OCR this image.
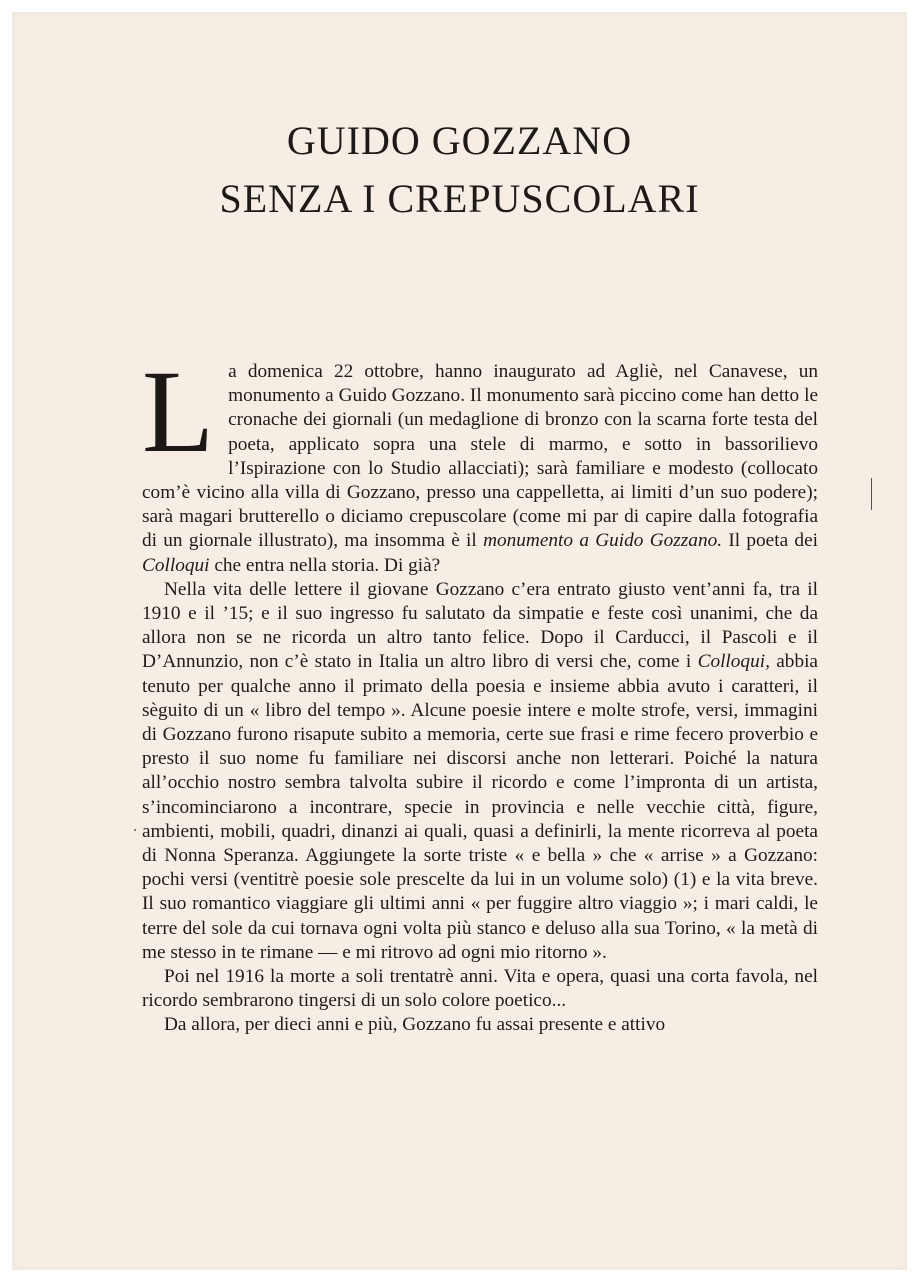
GUIDO GOZZANO
SENZA I CREPUSCOLARI

La domenica 22 ottobre, hanno inaugurato ad Agliè, nel Canavese, un monumento a Guido Gozzano. Il monumento sarà piccino come han detto le cronache dei giornali (un medaglione di bronzo con la scarna forte testa del poeta, applicato sopra una stele di marmo, e sotto in bassorilievo l’Ispirazione con lo Studio allacciati); sarà familiare e modesto (collocato com’è vicino alla villa di Gozzano, presso una cappelletta, ai limiti d’un suo podere); sarà magari brutterello o diciamo crepuscolare (come mi par di capire dalla fotografia di un giornale illustrato), ma insomma è il monumento a Guido Gozzano. Il poeta dei Colloqui che entra nella storia. Di già?

Nella vita delle lettere il giovane Gozzano c’era entrato giusto vent’anni fa, tra il 1910 e il ’15; e il suo ingresso fu salutato da simpatie e feste così unanimi, che da allora non se ne ricorda un altro tanto felice. Dopo il Carducci, il Pascoli e il D’Annunzio, non c’è stato in Italia un altro libro di versi che, come i Colloqui, abbia tenuto per qualche anno il primato della poesia e insieme abbia avuto i caratteri, il sèguito di un « libro del tempo ». Alcune poesie intere e molte strofe, versi, immagini di Gozzano furono risapute subito a memoria, certe sue frasi e rime fecero proverbio e presto il suo nome fu familiare nei discorsi anche non letterari. Poiché la natura all’occhio nostro sembra talvolta subire il ricordo e come l’impronta di un artista, s’incominciarono a incontrare, specie in provincia e nelle vecchie città, figure, ambienti, mobili, quadri, dinanzi ai quali, quasi a definirli, la mente ricorreva al poeta di Nonna Speranza. Aggiungete la sorte triste « e bella » che « arrise » a Gozzano: pochi versi (ventitrè poesie sole prescelte da lui in un volume solo) (1) e la vita breve. Il suo romantico viaggiare gli ultimi anni « per fuggire altro viaggio »; i mari caldi, le terre del sole da cui tornava ogni volta più stanco e deluso alla sua Torino, « la metà di me stesso in te rimane — e mi ritrovo ad ogni mio ritorno ».

Poi nel 1916 la morte a soli trentatrè anni. Vita e opera, quasi una corta favola, nel ricordo sembrarono tingersi di un solo colore poetico...

Da allora, per dieci anni e più, Gozzano fu assai presente e attivo
